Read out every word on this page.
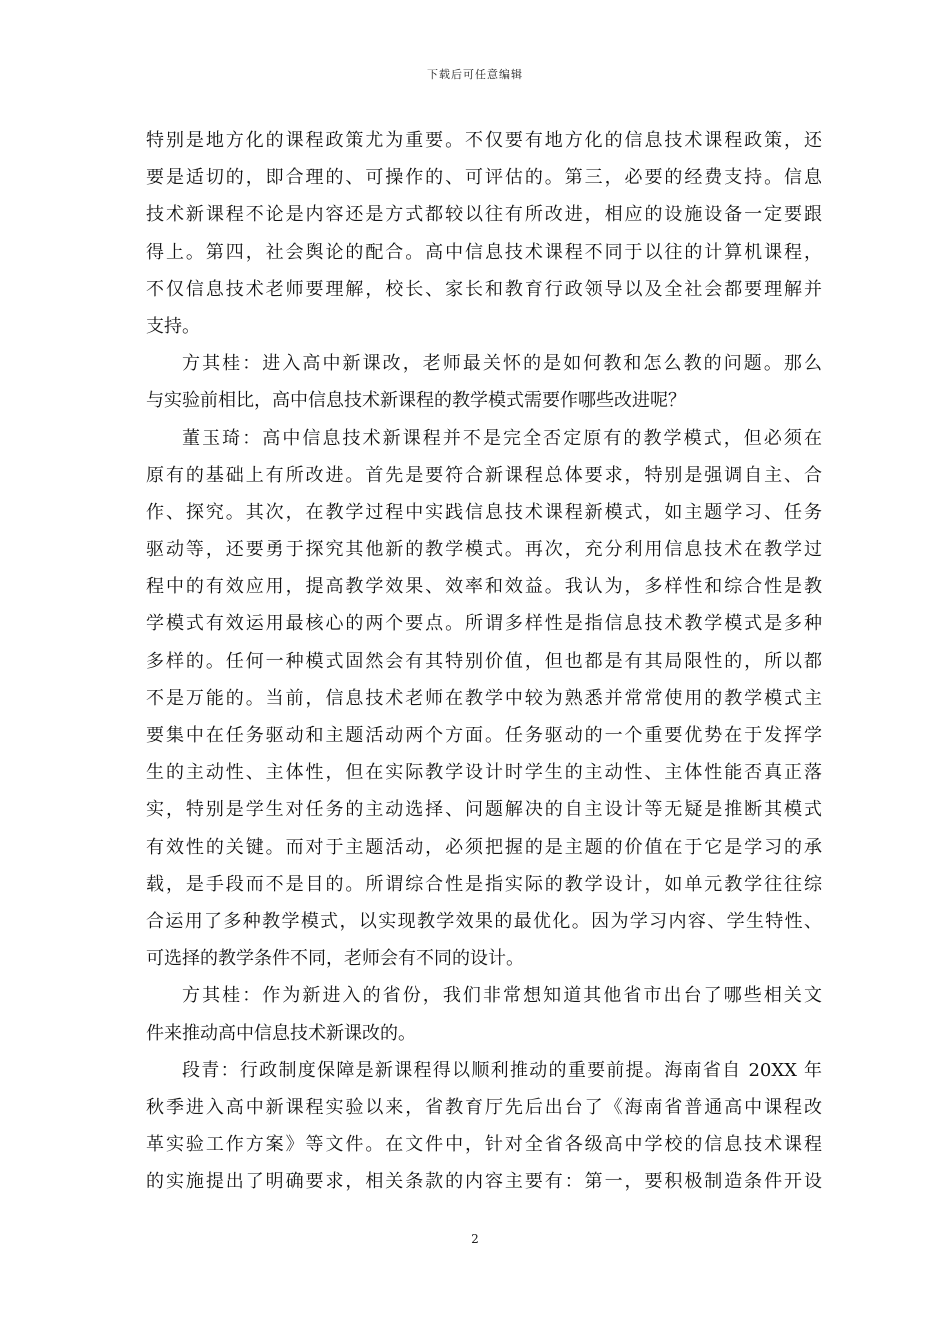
下载后可任意编辑
特别是地方化的课程政策尤为重要。不仅要有地方化的信息技术课程政策，还
要是适切的，即合理的、可操作的、可评估的。第三，必要的经费支持。信息
技术新课程不论是内容还是方式都较以往有所改进，相应的设施设备一定要跟
得上。第四，社会舆论的配合。高中信息技术课程不同于以往的计算机课程，
不仅信息技术老师要理解，校长、家长和教育行政领导以及全社会都要理解并
支持。
方其桂：进入高中新课改，老师最关怀的是如何教和怎么教的问题。那么
与实验前相比，高中信息技术新课程的教学模式需要作哪些改进呢？
董玉琦：高中信息技术新课程并不是完全否定原有的教学模式，但必须在
原有的基础上有所改进。首先是要符合新课程总体要求，特别是强调自主、合
作、探究。其次，在教学过程中实践信息技术课程新模式，如主题学习、任务
驱动等，还要勇于探究其他新的教学模式。再次，充分利用信息技术在教学过
程中的有效应用，提高教学效果、效率和效益。我认为，多样性和综合性是教
学模式有效运用最核心的两个要点。所谓多样性是指信息技术教学模式是多种
多样的。任何一种模式固然会有其特别价值，但也都是有其局限性的，所以都
不是万能的。当前，信息技术老师在教学中较为熟悉并常常使用的教学模式主
要集中在任务驱动和主题活动两个方面。任务驱动的一个重要优势在于发挥学
生的主动性、主体性，但在实际教学设计时学生的主动性、主体性能否真正落
实，特别是学生对任务的主动选择、问题解决的自主设计等无疑是推断其模式
有效性的关键。而对于主题活动，必须把握的是主题的价值在于它是学习的承
载，是手段而不是目的。所谓综合性是指实际的教学设计，如单元教学往往综
合运用了多种教学模式，以实现教学效果的最优化。因为学习内容、学生特性、
可选择的教学条件不同，老师会有不同的设计。
方其桂：作为新进入的省份，我们非常想知道其他省市出台了哪些相关文
件来推动高中信息技术新课改的。
段青：行政制度保障是新课程得以顺利推动的重要前提。海南省自 20XX 年
秋季进入高中新课程实验以来，省教育厅先后出台了《海南省普通高中课程改
革实验工作方案》等文件。在文件中，针对全省各级高中学校的信息技术课程
的实施提出了明确要求，相关条款的内容主要有：第一，要积极制造条件开设
2
